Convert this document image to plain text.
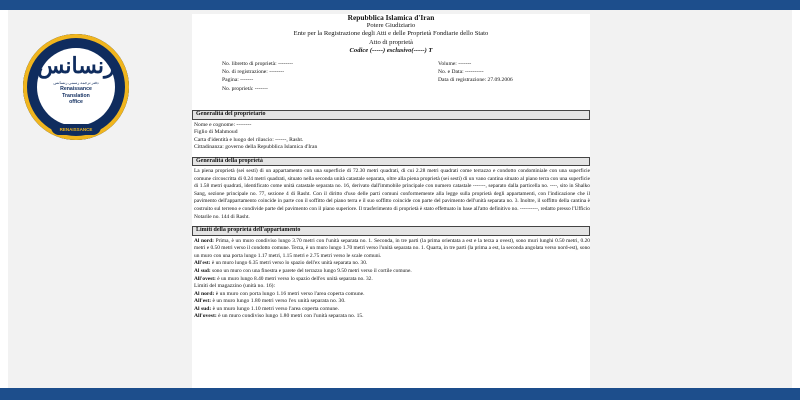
رنسانس
دفتر ترجمه رسمی رنسانس
Renaissance
Translation
office
RENAISSANCE
Repubblica Islamica d'Iran
Potere Giudiziario
Ente per la Registrazione degli Atti e delle Proprietà Fondiarie dello Stato
Atto di proprietà
Codice (-----) esclusivo(-----) T
No. libretto di proprietà: --------
No. di registrazione: --------
Pagina: -------
No. proprietà: -------
Volume: -------
No. e Data: ----------
Data di registrazione: 27.09.2006
Generalità del proprietario
Nome e cognome: --------
Figlio di Mahmoud
Carta d'identità e luogo del rilascio: ------, Rasht.
Cittadinanza: governo della Repubblica Islamica d'Iran
Generalità della proprietà
La piena proprietà (sei sesti) di un appartamento con una superficie di 72.30 metri quadrati, di cui 2.28 metri quadrati come terrazzo e condotto condominiale con una superficie comune circoscritta di 0.24 metri quadrati, situato nella seconda unità catastale separata, oltre alla piena proprietà (sei sesti) di un vano cantina situato al piano terra con una superficie di 1.58 metri quadrati, identificato come unità catastale separata no. 16, derivato dall'immobile principale con numero catastale -------, separato dalla particella no. ----, sito in Shalko Sang, sezione principale no. 77, sezione 4 di Rasht. Con il diritto d'uso delle parti comuni conformemente alla legge sulla proprietà degli appartamenti, con l'indicazione che il pavimento dell'appartamento coincide in parte con il soffitto del piano terra e il suo soffitto coincide con parte del pavimento dell'unità separata no. 3. Inoltre, il soffitto della cantina è costruito sul terreno e condivide parte del pavimento con il piano superiore. Il trasferimento di proprietà è stato effettuato in base all'atto definitivo no. ----------, redatto presso l'Ufficio Notarile no. 144 di Rasht.
Limiti della proprietà dell'appartamento
Al nord: Prima, è un muro condiviso lungo 3.70 metri con l'unità separata no. 1. Seconda, in tre parti (la prima orientata a est e la terza a ovest), sono muri lunghi 0.50 metri, 0.20 metri e 0.50 metri verso il condotto comune. Terza, è un muro lungo 1.70 metri verso l'unità separata no. 1. Quarta, in tre parti (la prima a est, la seconda angolata verso nord-est), sono un muro con una porta lungo 1.17 metri, 1.15 metri e 2.75 metri verso le scale comuni.
All'est: è un muro lungo 6.35 metri verso lo spazio dell'ex unità separata no. 30.
Al sud: sono un muro con una finestra e parete del terrazzo lungo 9.50 metri verso il cortile comune.
All'ovest: è un muro lungo 8.40 metri verso lo spazio dell'ex unità separata no. 32.
Limiti del magazzino (unità no. 16):
Al nord: è un muro con porta lungo 1.16 metri verso l'area coperta comune.
All'est: è un muro lungo 1.80 metri verso l'ex unità separata no. 30.
Al sud: è un muro lungo 1.10 metri verso l'area coperta comune.
All'ovest: è un muro condiviso lungo 1.80 metri con l'unità separata no. 15.
